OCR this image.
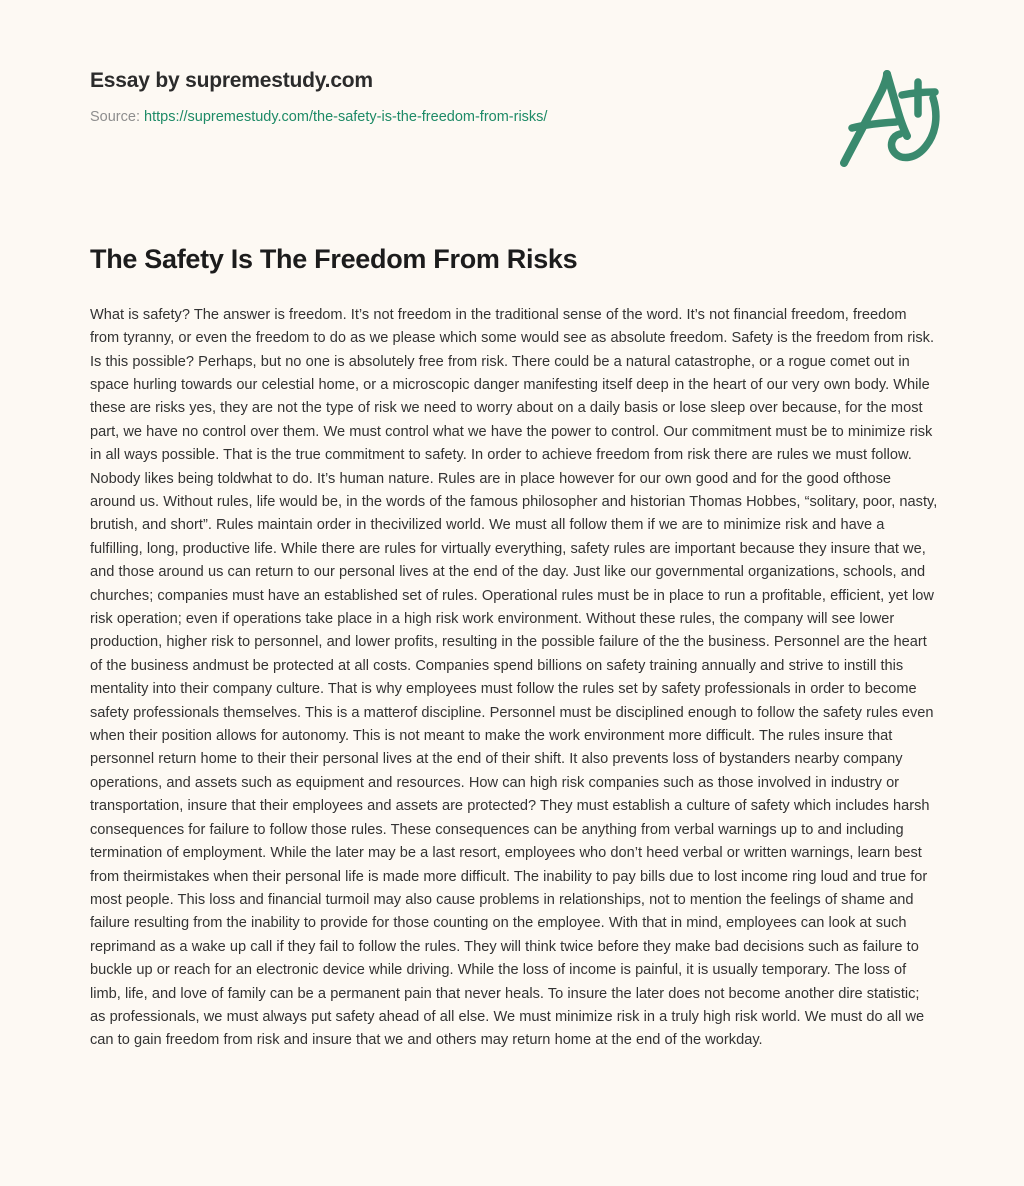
Essay by supremestudy.com
Source: https://supremestudy.com/the-safety-is-the-freedom-from-risks/
The Safety Is The Freedom From Risks

What is safety? The answer is freedom. It’s not freedom in the traditional sense of the word. It’s not financial freedom, freedom from tyranny, or even the freedom to do as we please which some would see as absolute freedom. Safety is the freedom from risk. Is this possible? Perhaps, but no one is absolutely free from risk. There could be a natural catastrophe, or a rogue comet out in space hurling towards our celestial home, or a microscopic danger manifesting itself deep in the heart of our very own body. While these are risks yes, they are not the type of risk we need to worry about on a daily basis or lose sleep over because, for the most part, we have no control over them. We must control what we have the power to control. Our commitment must be to minimize risk in all ways possible. That is the true commitment to safety. In order to achieve freedom from risk there are rules we must follow. Nobody likes being toldwhat to do. It’s human nature. Rules are in place however for our own good and for the good ofthose around us. Without rules, life would be, in the words of the famous philosopher and historian Thomas Hobbes, “solitary, poor, nasty, brutish, and short”. Rules maintain order in thecivilized world. We must all follow them if we are to minimize risk and have a fulfilling, long, productive life. While there are rules for virtually everything, safety rules are important because they insure that we, and those around us can return to our personal lives at the end of the day. Just like our governmental organizations, schools, and churches; companies must have an established set of rules. Operational rules must be in place to run a profitable, efficient, yet low risk operation; even if operations take place in a high risk work environment. Without these rules, the company will see lower production, higher risk to personnel, and lower profits, resulting in the possible failure of the the business. Personnel are the heart of the business andmust be protected at all costs. Companies spend billions on safety training annually and strive to instill this mentality into their company culture. That is why employees must follow the rules set by safety professionals in order to become safety professionals themselves. This is a matterof discipline. Personnel must be disciplined enough to follow the safety rules even when their position allows for autonomy. This is not meant to make the work environment more difficult. The rules insure that personnel return home to their their personal lives at the end of their shift. It also prevents loss of bystanders nearby company operations, and assets such as equipment and resources. How can high risk companies such as those involved in industry or transportation, insure that their employees and assets are protected? They must establish a culture of safety which includes harsh consequences for failure to follow those rules. These consequences can be anything from verbal warnings up to and including termination of employment. While the later may be a last resort, employees who don’t heed verbal or written warnings, learn best from theirmistakes when their personal life is made more difficult. The inability to pay bills due to lost income ring loud and true for most people. This loss and financial turmoil may also cause problems in relationships, not to mention the feelings of shame and failure resulting from the inability to provide for those counting on the employee. With that in mind, employees can look at such reprimand as a wake up call if they fail to follow the rules. They will think twice before they make bad decisions such as failure to buckle up or reach for an electronic device while driving. While the loss of income is painful, it is usually temporary. The loss of limb, life, and love of family can be a permanent pain that never heals. To insure the later does not become another dire statistic; as professionals, we must always put safety ahead of all else. We must minimize risk in a truly high risk world. We must do all we can to gain freedom from risk and insure that we and others may return home at the end of the workday.
